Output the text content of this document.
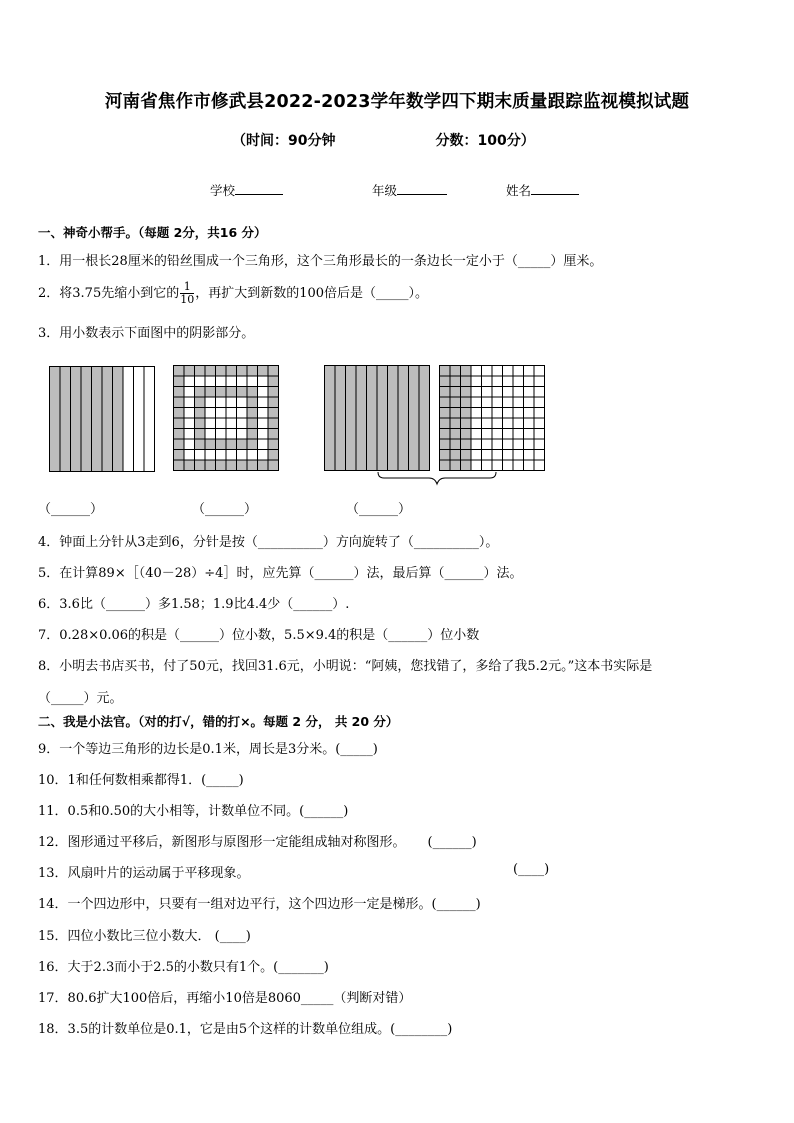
河南省焦作市修武县2022-2023学年数学四下期末质量跟踪监视模拟试题
（时间：90分钟	分数：100分）
学校	年级	姓名
一、神奇小帮手。（每题 2分，共16 分）
1．用一根长28厘米的铅丝围成一个三角形，这个三角形最长的一条边长一定小于（_____）厘米。
2．将3.75先缩小到它的 $\frac{1}{10}$ ，再扩大到新数的100倍后是（_____）。
3．用小数表示下面图中的阴影部分。
（______）	（______）	（______）
4．钟面上分针从3走到6，分针是按（__________）方向旋转了（__________）。
5．在计算89×［（40－28）÷4］时，应先算（______）法，最后算（______）法。
6．3.6比（______）多1.58；1.9比4.4少（______）.
7．0.28×0.06的积是（______）位小数，5.5×9.4的积是（______）位小数
8．小明去书店买书，付了50元，找回31.6元，小明说：“阿姨，您找错了，多给了我5.2元。”这本书实际是
（_____）元。
二、我是小法官。（对的打√，错的打×。每题 2 分， 共 20 分）
9．一个等边三角形的边长是0.1米，周长是3分米。(_____)
10．1和任何数相乘都得1．(_____)
11．0.5和0.50的大小相等，计数单位不同。(______)
12．图形通过平移后，新图形与原图形一定能组成轴对称图形。 (______)
13．风扇叶片的运动属于平移现象。	(____)
14．一个四边形中，只要有一组对边平行，这个四边形一定是梯形。(______)
15．四位小数比三位小数大． (____)
16．大于2.3而小于2.5的小数只有1个。(_______)
17．80.6扩大100倍后，再缩小10倍是8060_____（判断对错）
18．3.5的计数单位是0.1，它是由5个这样的计数单位组成。(________)
